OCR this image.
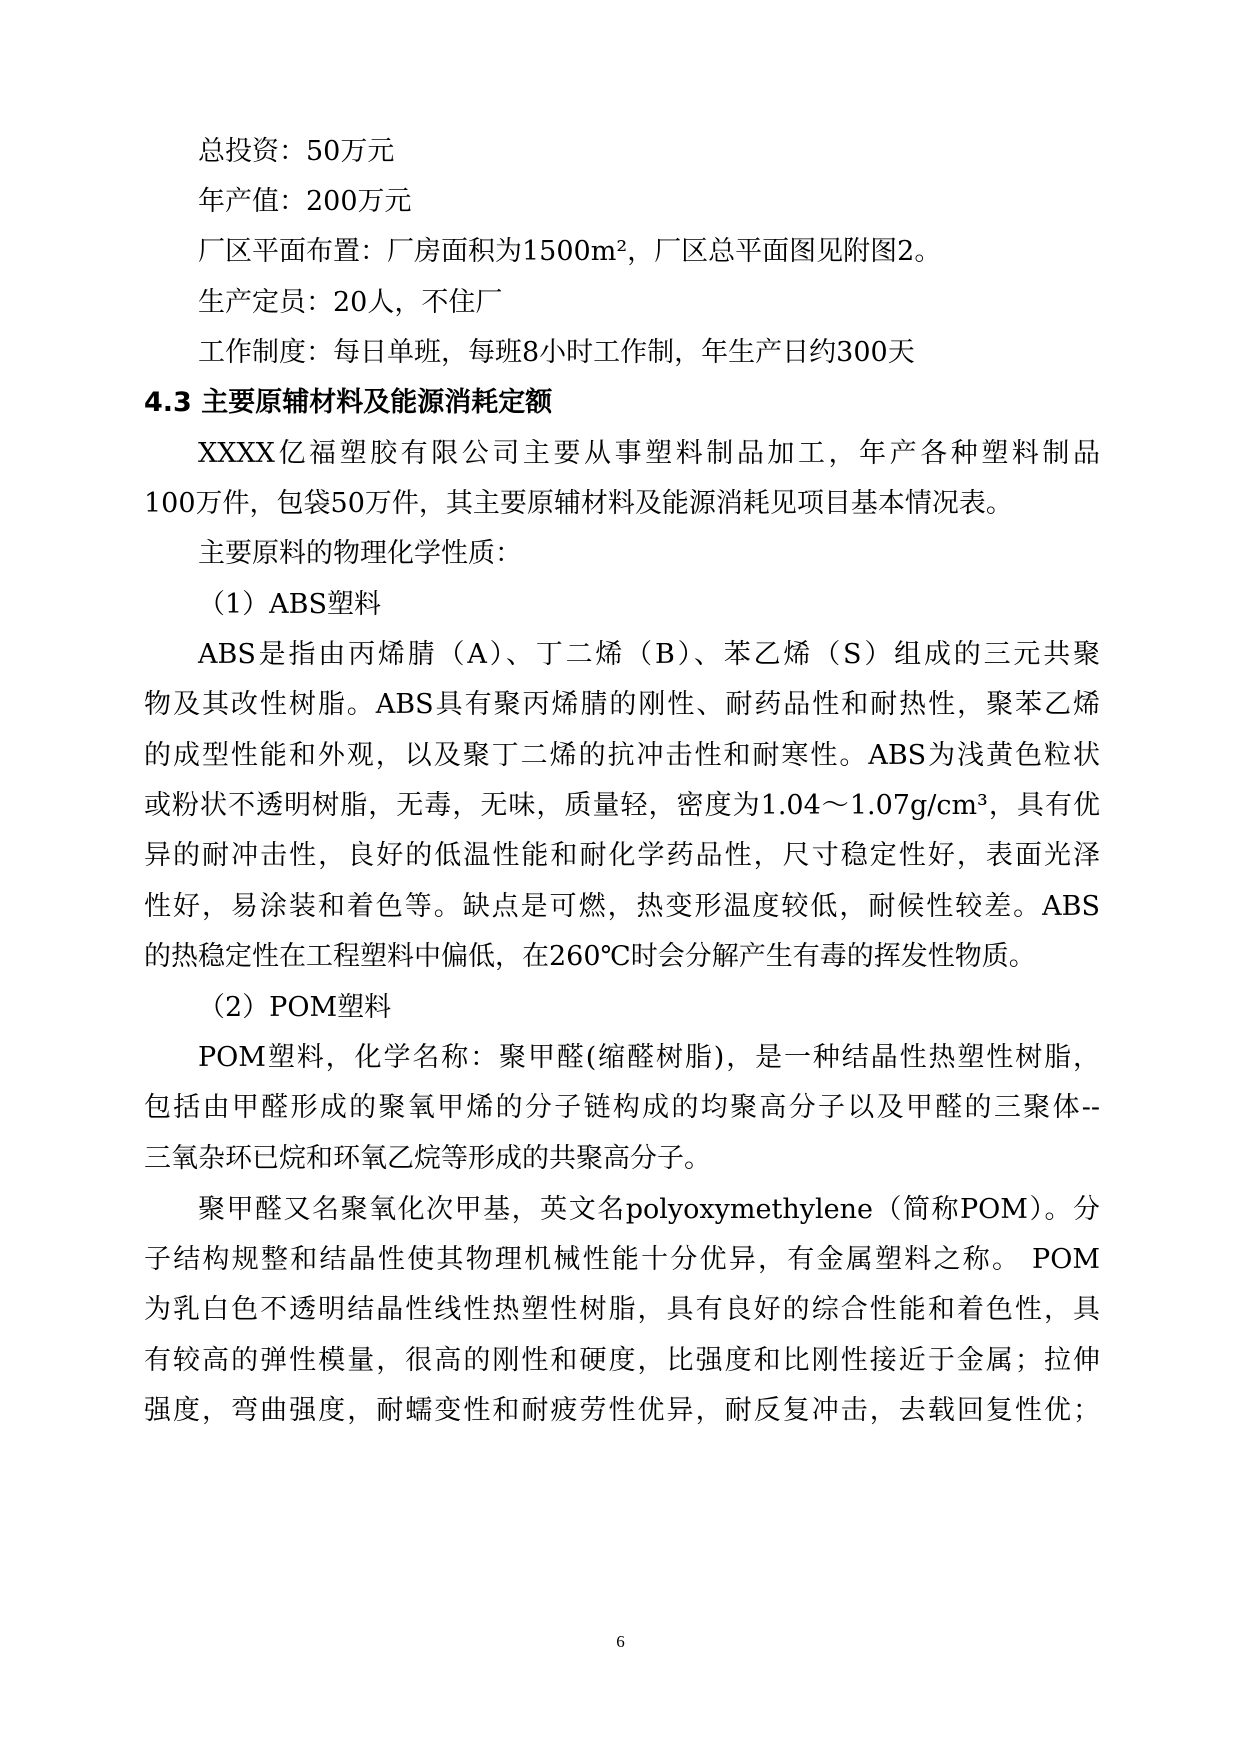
总投资：50万元
年产值：200万元
厂区平面布置：厂房面积为1500m²，厂区总平面图见附图2。
生产定员：20人，不住厂
工作制度：每日单班，每班8小时工作制，年生产日约300天
4.3 主要原辅材料及能源消耗定额
XXXX亿福塑胶有限公司主要从事塑料制品加工，年产各种塑料制品
100万件，包袋50万件，其主要原辅材料及能源消耗见项目基本情况表。
主要原料的物理化学性质：
（1）ABS塑料
ABS是指由丙烯腈（A）、丁二烯（B）、苯乙烯（S）组成的三元共聚
物及其改性树脂。ABS具有聚丙烯腈的刚性、耐药品性和耐热性，聚苯乙烯
的成型性能和外观，以及聚丁二烯的抗冲击性和耐寒性。ABS为浅黄色粒状
或粉状不透明树脂，无毒，无味，质量轻，密度为1.04～1.07g/cm³，具有优
异的耐冲击性，良好的低温性能和耐化学药品性，尺寸稳定性好，表面光泽
性好，易涂装和着色等。缺点是可燃，热变形温度较低，耐候性较差。ABS
的热稳定性在工程塑料中偏低，在260℃时会分解产生有毒的挥发性物质。
（2）POM塑料
POM塑料，化学名称：聚甲醛(缩醛树脂)，是一种结晶性热塑性树脂，
包括由甲醛形成的聚氧甲烯的分子链构成的均聚高分子以及甲醛的三聚体--
三氧杂环已烷和环氧乙烷等形成的共聚高分子。
聚甲醛又名聚氧化次甲基，英文名polyoxymethylene（简称POM）。分
子结构规整和结晶性使其物理机械性能十分优异，有金属塑料之称。 POM
为乳白色不透明结晶性线性热塑性树脂，具有良好的综合性能和着色性，具
有较高的弹性模量，很高的刚性和硬度，比强度和比刚性接近于金属；拉伸
强度，弯曲强度，耐蠕变性和耐疲劳性优异，耐反复冲击，去载回复性优；
6
